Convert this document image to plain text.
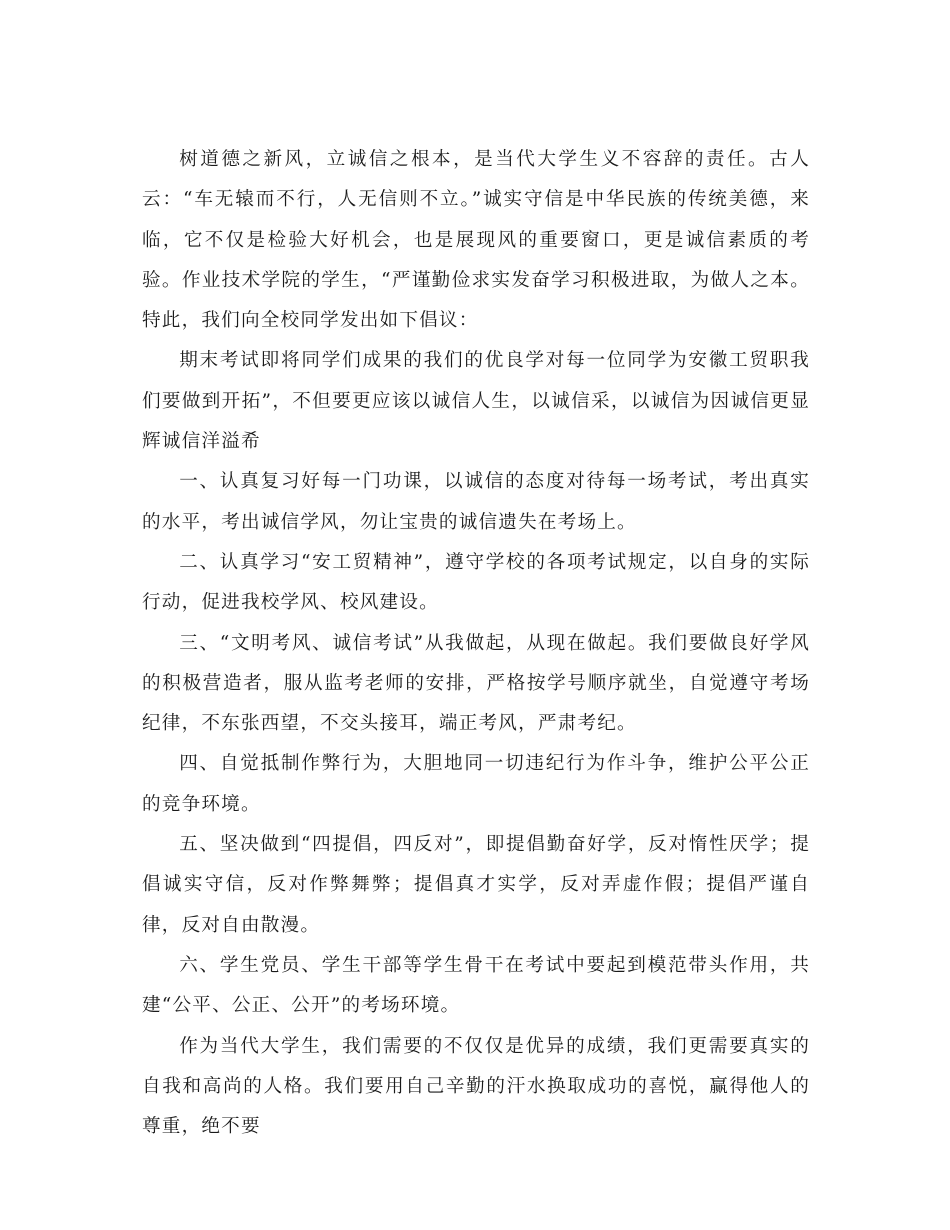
树道德之新风，立诚信之根本，是当代大学生义不容辞的责任。古人云：“车无辕而不行，人无信则不立。”诚实守信是中华民族的传统美德，来临，它不仅是检验大好机会，也是展现风的重要窗口，更是诚信素质的考验。作业技术学院的学生，“严谨勤俭求实发奋学习积极进取，为做人之本。特此，我们向全校同学发出如下倡议：

期末考试即将同学们成果的我们的优良学对每一位同学为安徽工贸职我们要做到开拓”，不但要更应该以诚信人生，以诚信采，以诚信为因诚信更显辉诚信洋溢希

一、认真复习好每一门功课，以诚信的态度对待每一场考试，考出真实的水平，考出诚信学风，勿让宝贵的诚信遗失在考场上。

二、认真学习“安工贸精神”，遵守学校的各项考试规定，以自身的实际行动，促进我校学风、校风建设。

三、“文明考风、诚信考试”从我做起，从现在做起。我们要做良好学风的积极营造者，服从监考老师的安排，严格按学号顺序就坐，自觉遵守考场纪律，不东张西望，不交头接耳，端正考风，严肃考纪。

四、自觉抵制作弊行为，大胆地同一切违纪行为作斗争，维护公平公正的竞争环境。

五、坚决做到“四提倡，四反对”，即提倡勤奋好学，反对惰性厌学；提倡诚实守信，反对作弊舞弊；提倡真才实学，反对弄虚作假；提倡严谨自律，反对自由散漫。

六、学生党员、学生干部等学生骨干在考试中要起到模范带头作用，共建“公平、公正、公开”的考场环境。

作为当代大学生，我们需要的不仅仅是优异的成绩，我们更需要真实的自我和高尚的人格。我们要用自己辛勤的汗水换取成功的喜悦，赢得他人的尊重，绝不要
